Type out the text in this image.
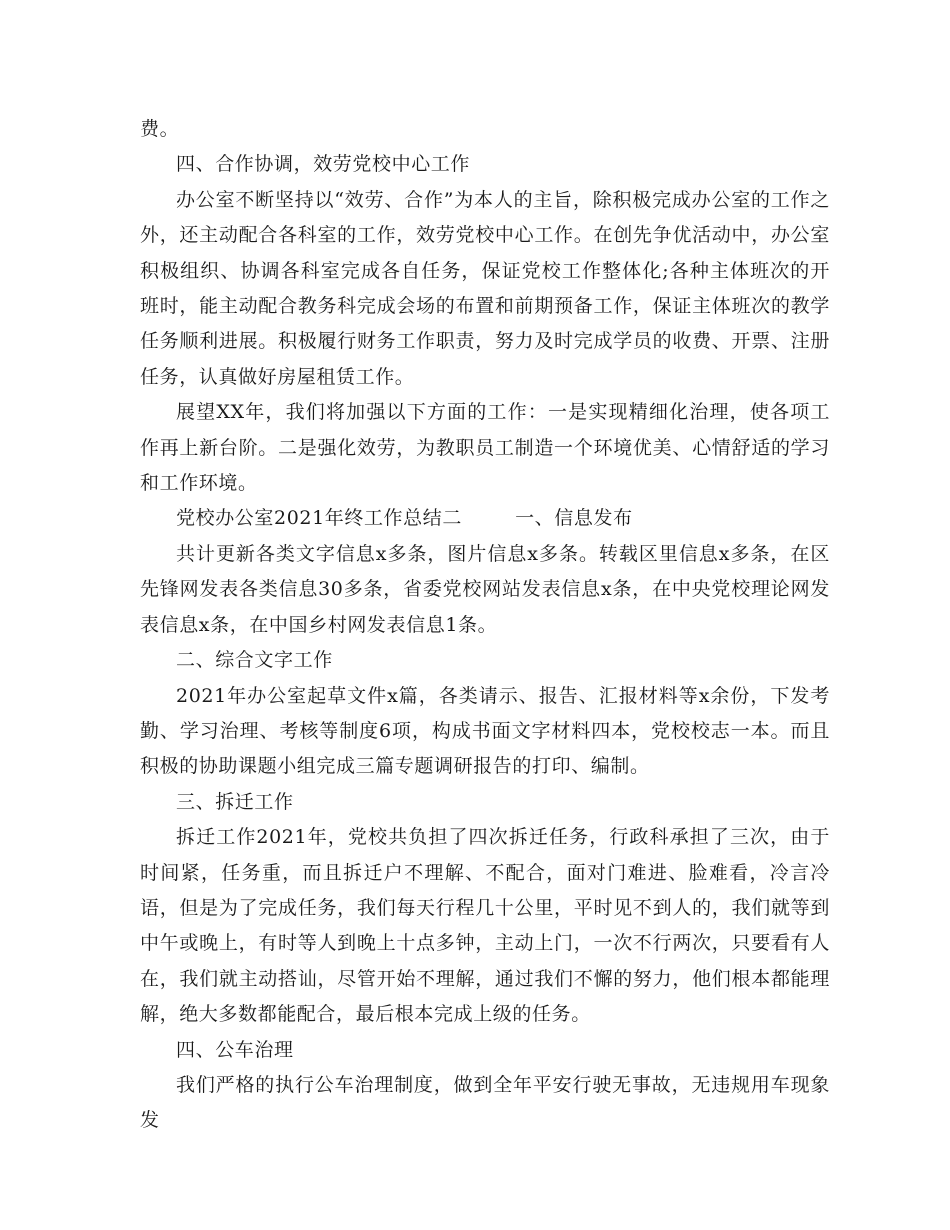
费。

四、合作协调，效劳党校中心工作

办公室不断坚持以“效劳、合作”为本人的主旨，除积极完成办公室的工作之外，还主动配合各科室的工作，效劳党校中心工作。在创先争优活动中，办公室积极组织、协调各科室完成各自任务，保证党校工作整体化;各种主体班次的开班时，能主动配合教务科完成会场的布置和前期预备工作，保证主体班次的教学任务顺利进展。积极履行财务工作职责，努力及时完成学员的收费、开票、注册任务，认真做好房屋租赁工作。

展望XX年，我们将加强以下方面的工作：一是实现精细化治理，使各项工作再上新台阶。二是强化效劳，为教职员工制造一个环境优美、心情舒适的学习和工作环境。

党校办公室2021年终工作总结二        一、信息发布

共计更新各类文字信息x多条，图片信息x多条。转载区里信息x多条，在区先锋网发表各类信息30多条，省委党校网站发表信息x条，在中央党校理论网发表信息x条，在中国乡村网发表信息1条。

二、综合文字工作

2021年办公室起草文件x篇，各类请示、报告、汇报材料等x余份，下发考勤、学习治理、考核等制度6项，构成书面文字材料四本，党校校志一本。而且积极的协助课题小组完成三篇专题调研报告的打印、编制。

三、拆迁工作

拆迁工作2021年，党校共负担了四次拆迁任务，行政科承担了三次，由于时间紧，任务重，而且拆迁户不理解、不配合，面对门难进、脸难看，冷言冷语，但是为了完成任务，我们每天行程几十公里，平时见不到人的，我们就等到中午或晚上，有时等人到晚上十点多钟，主动上门，一次不行两次，只要看有人在，我们就主动搭讪，尽管开始不理解，通过我们不懈的努力，他们根本都能理解，绝大多数都能配合，最后根本完成上级的任务。

四、公车治理

我们严格的执行公车治理制度，做到全年平安行驶无事故，无违规用车现象发
